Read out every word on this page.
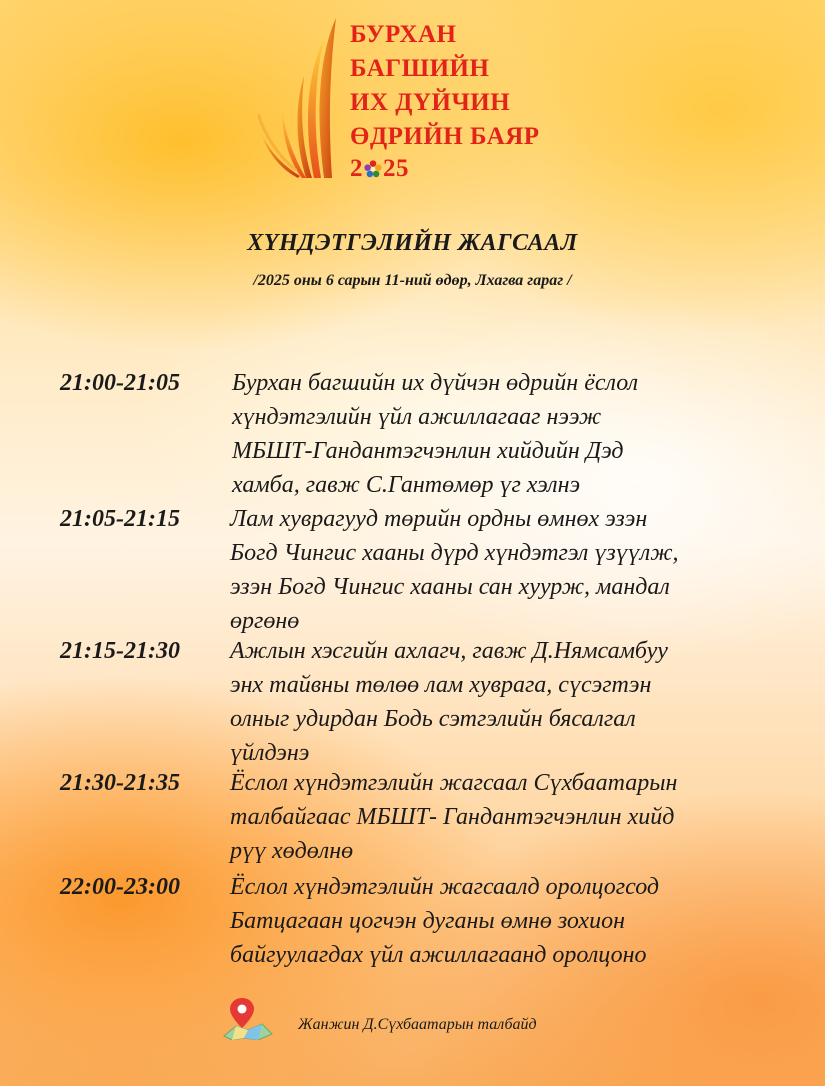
БУРХАН
БАГШИЙН
ИХ ДҮЙЧИН
ӨДРИЙН БАЯР
2 25
ХҮНДЭТГЭЛИЙН ЖАГСААЛ
/2025 оны 6 сарын 11-ний өдөр, Лхагва гараг /
21:00-21:05 Бурхан багшийн их дүйчэн өдрийн ёслол
хүндэтгэлийн үйл ажиллагааг нээж
МБШТ-Гандантэгчэнлин хийдийн Дэд
хамба, гавж С.Гантөмөр үг хэлнэ
21:05-21:15 Лам хуврагууд төрийн ордны өмнөх эзэн
Богд Чингис хааны дүрд хүндэтгэл үзүүлж,
эзэн Богд Чингис хааны сан хуурж, мандал
өргөнө
21:15-21:30 Ажлын хэсгийн ахлагч, гавж Д.Нямсамбуу
энх тайвны төлөө лам хуврага, сүсэгтэн
олныг удирдан Бодь сэтгэлийн бясалгал
үйлдэнэ
21:30-21:35 Ёслол хүндэтгэлийн жагсаал Сүхбаатарын
талбайгаас МБШТ- Гандантэгчэнлин хийд
рүү хөдөлнө
22:00-23:00 Ёслол хүндэтгэлийн жагсаалд оролцогсод
Батцагаан цогчэн дуганы өмнө зохион
байгуулагдах үйл ажиллагаанд оролцоно
Жанжин Д.Сүхбаатарын талбайд
